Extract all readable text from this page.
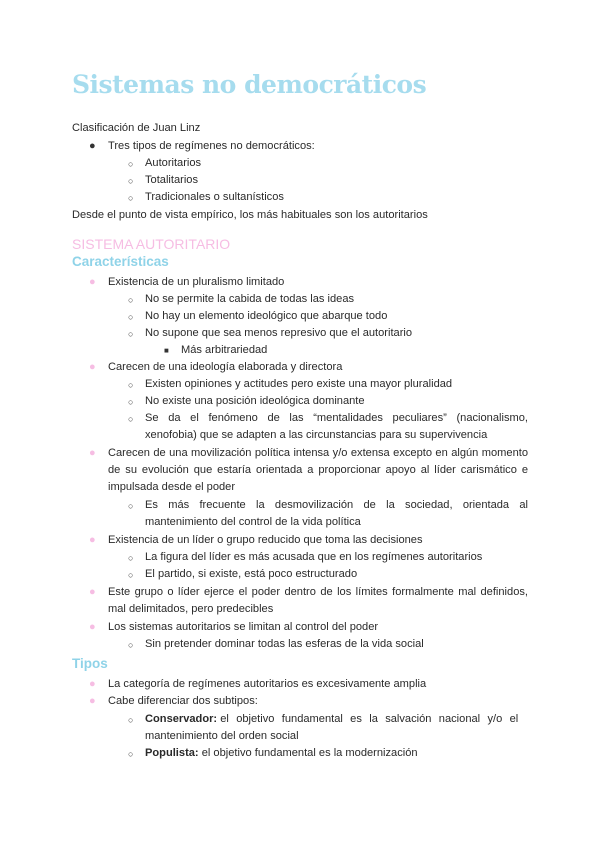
Sistemas no democráticos
Clasificación de Juan Linz
● Tres tipos de regímenes no democráticos:
○ Autoritarios
○ Totalitarios
○ Tradicionales o sultanísticos
Desde el punto de vista empírico, los más habituales son los autoritarios
SISTEMA AUTORITARIO
Características
● Existencia de un pluralismo limitado
○ No se permite la cabida de todas las ideas
○ No hay un elemento ideológico que abarque todo
○ No supone que sea menos represivo que el autoritario
■ Más arbitrariedad
● Carecen de una ideología elaborada y directora
○ Existen opiniones y actitudes pero existe una mayor pluralidad
○ No existe una posición ideológica dominante
○ Se da el fenómeno de las “mentalidades peculiares” (nacionalismo,
xenofobia) que se adapten a las circunstancias para su supervivencia
● Carecen de una movilización política intensa y/o extensa excepto en algún momento
de su evolución que estaría orientada a proporcionar apoyo al líder carismático e
impulsada desde el poder
○ Es más frecuente la desmovilización de la sociedad, orientada al
mantenimiento del control de la vida política
● Existencia de un líder o grupo reducido que toma las decisiones
○ La figura del líder es más acusada que en los regímenes autoritarios
○ El partido, si existe, está poco estructurado
● Este grupo o líder ejerce el poder dentro de los límites formalmente mal definidos,
mal delimitados, pero predecibles
● Los sistemas autoritarios se limitan al control del poder
○ Sin pretender dominar todas las esferas de la vida social
Tipos
● La categoría de regímenes autoritarios es excesivamente amplia
● Cabe diferenciar dos subtipos:
○ Conservador: el objetivo fundamental es la salvación nacional y/o el
mantenimiento del orden social
○ Populista: el objetivo fundamental es la modernización
